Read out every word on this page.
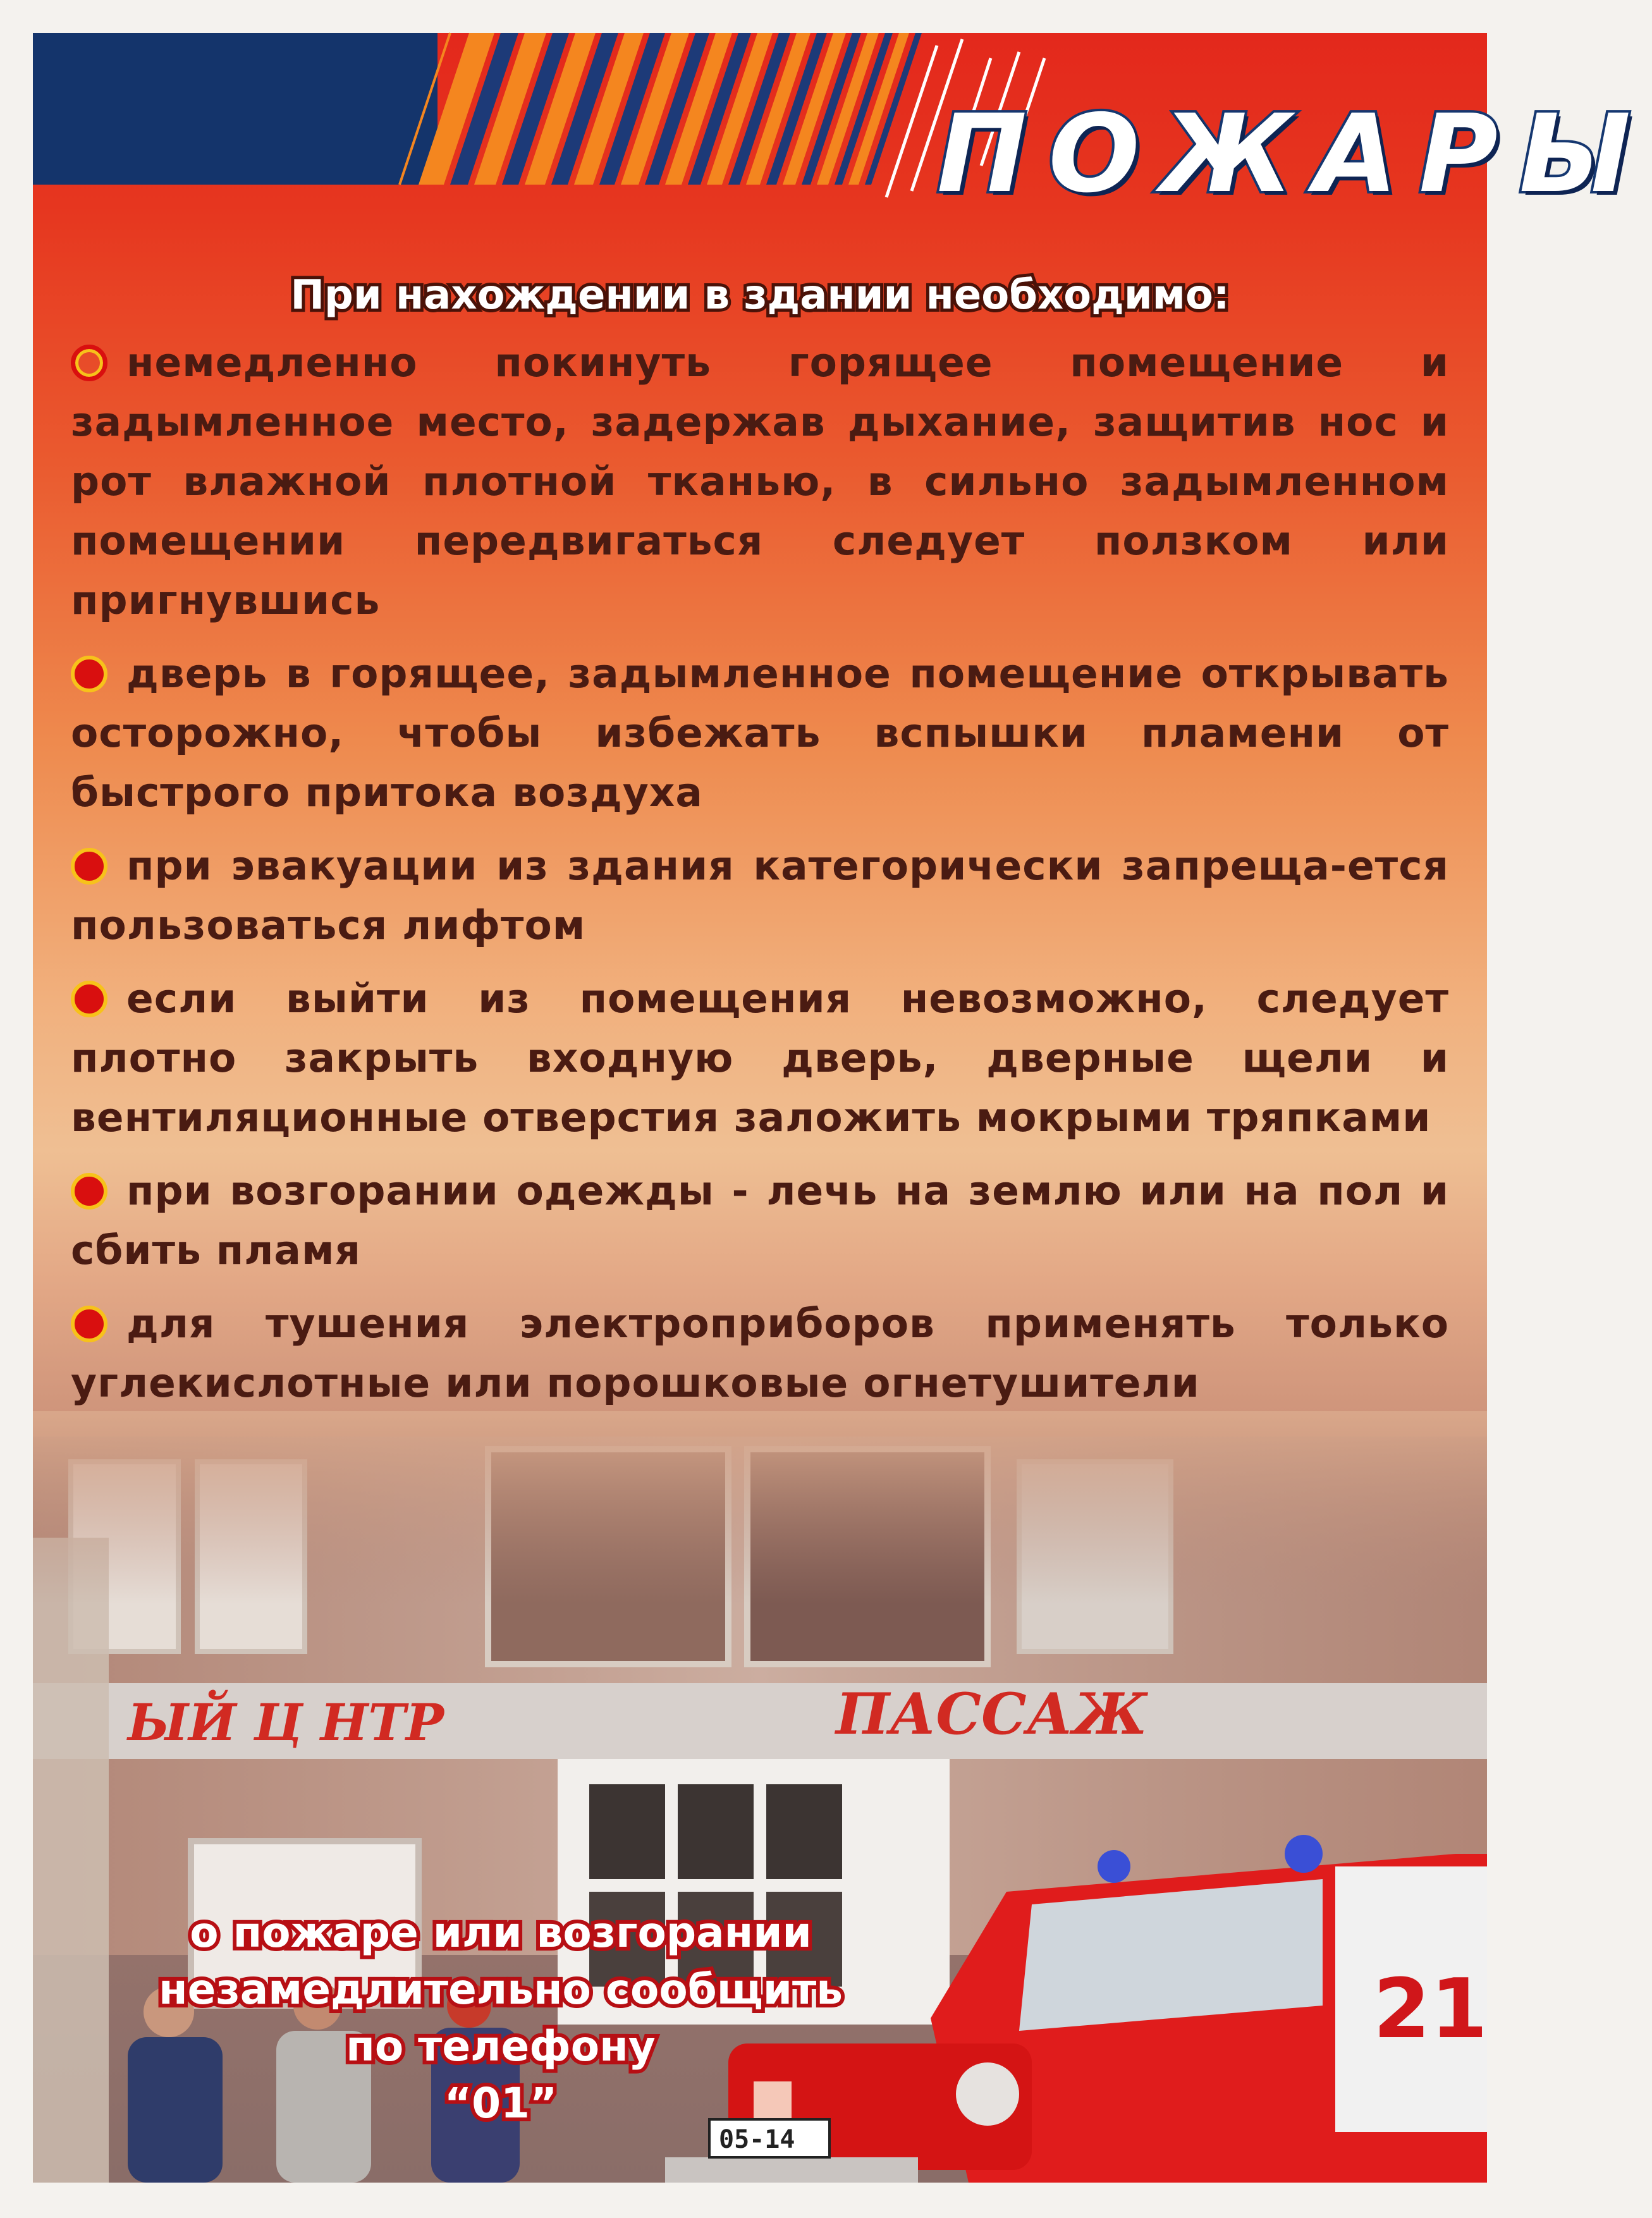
ПОЖАРЫ
При нахождении в здании необходимо:
немедленно покинуть горящее помещение и задымленное место, задержав дыхание, защитив нос и рот влажной плотной тканью, в сильно задымленном помещении передвигаться следует ползком или пригнувшись
дверь в горящее, задымленное помещение открывать осторожно, чтобы избежать вспышки пламени от быстрого притока воздуха
при эвакуации из здания категорически запреща-ется пользоваться лифтом
если выйти из помещения невозможно, следует плотно закрыть входную дверь, дверные щели и вентиляционные отверстия заложить мокрыми тряпками
при возгорании одежды - лечь на землю или на пол и сбить пламя
для тушения электроприборов применять только углекислотные или порошковые огнетушители
о пожаре или возгорании
незамедлительно сообщить
по телефону
“01”
